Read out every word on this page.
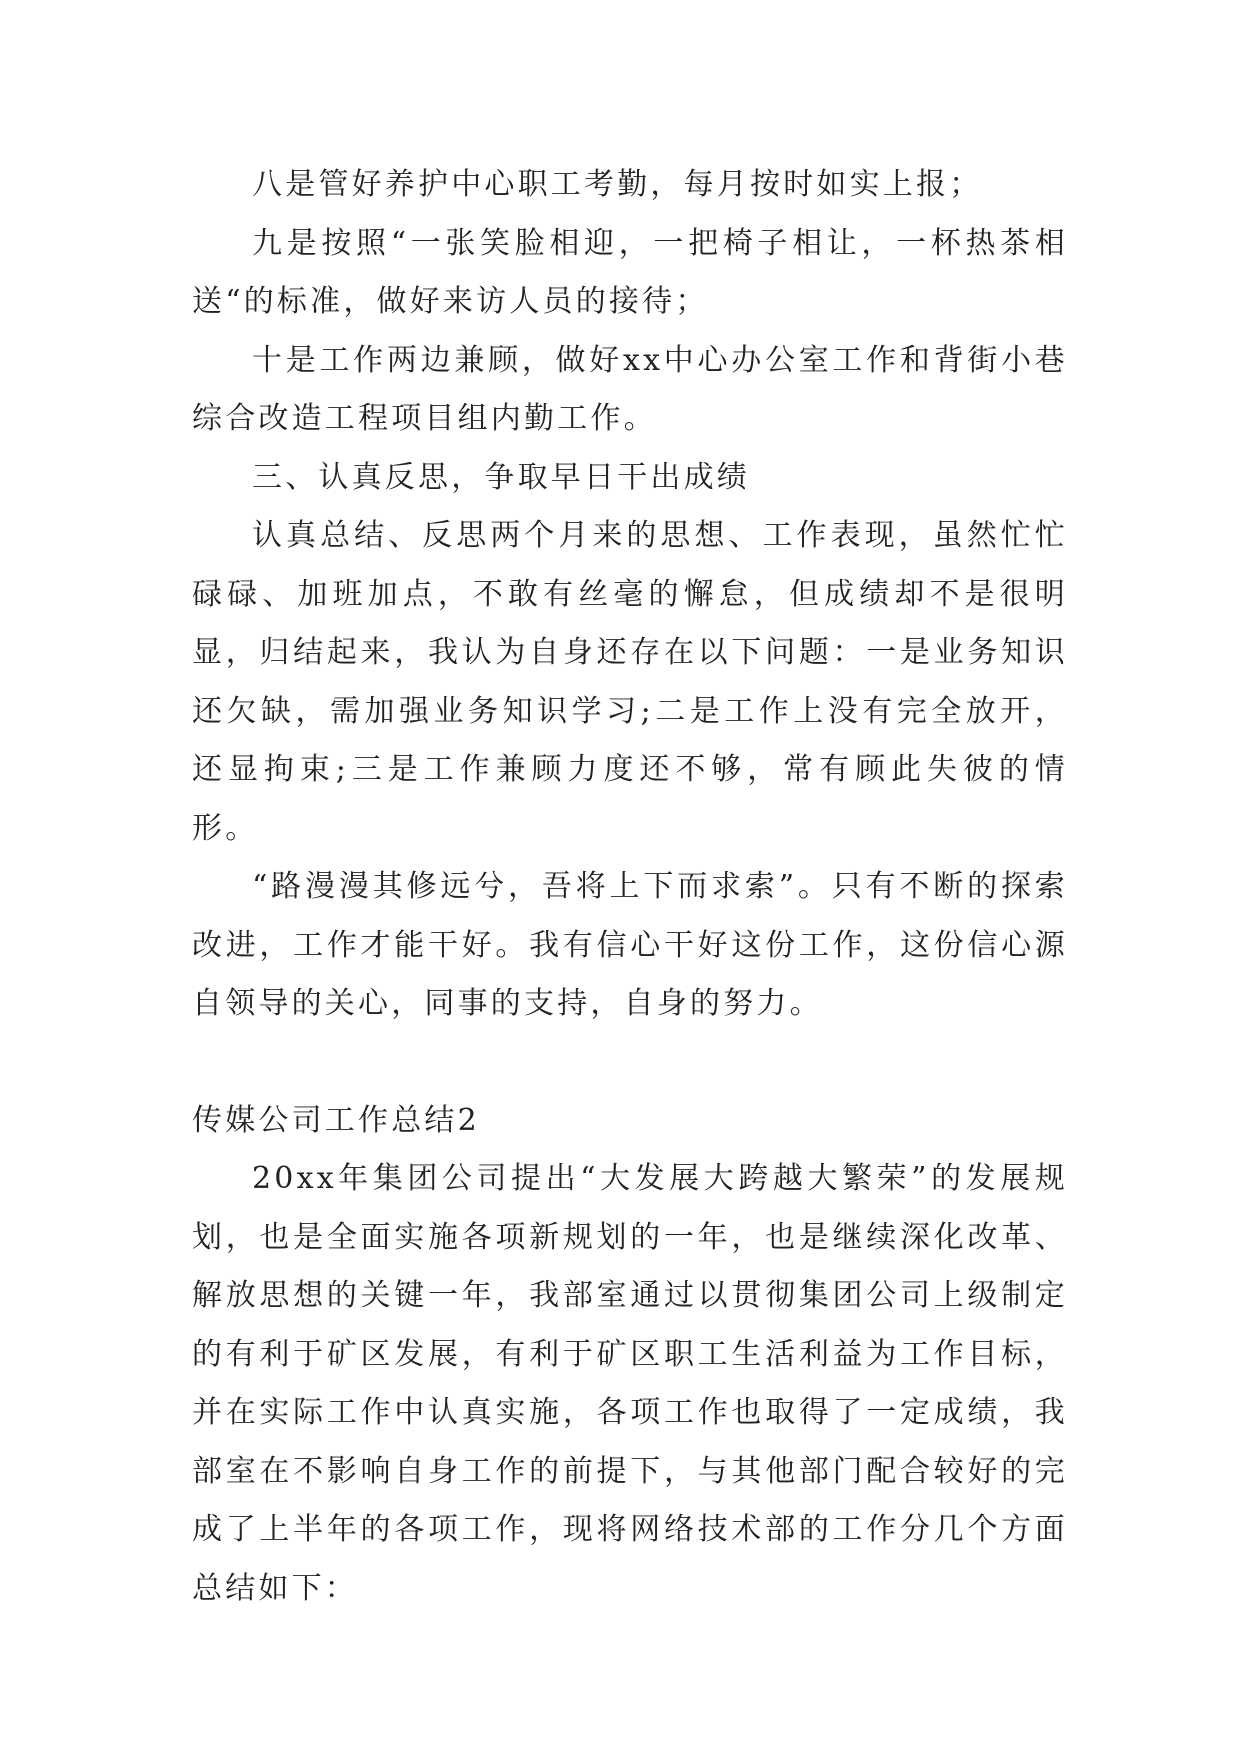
八是管好养护中心职工考勤，每月按时如实上报；

九是按照“一张笑脸相迎，一把椅子相让，一杯热茶相送“的标准，做好来访人员的接待；

十是工作两边兼顾，做好xx中心办公室工作和背街小巷综合改造工程项目组内勤工作。

三、认真反思，争取早日干出成绩

认真总结、反思两个月来的思想、工作表现，虽然忙忙碌碌、加班加点，不敢有丝毫的懈怠，但成绩却不是很明显，归结起来，我认为自身还存在以下问题：一是业务知识还欠缺，需加强业务知识学习;二是工作上没有完全放开，还显拘束;三是工作兼顾力度还不够，常有顾此失彼的情形。

“路漫漫其修远兮，吾将上下而求索”。只有不断的探索改进，工作才能干好。我有信心干好这份工作，这份信心源自领导的关心，同事的支持，自身的努力。

传媒公司工作总结2

20xx年集团公司提出“大发展大跨越大繁荣”的发展规划，也是全面实施各项新规划的一年，也是继续深化改革、解放思想的关键一年，我部室通过以贯彻集团公司上级制定的有利于矿区发展，有利于矿区职工生活利益为工作目标，并在实际工作中认真实施，各项工作也取得了一定成绩，我部室在不影响自身工作的前提下，与其他部门配合较好的完成了上半年的各项工作，现将网络技术部的工作分几个方面总结如下：
